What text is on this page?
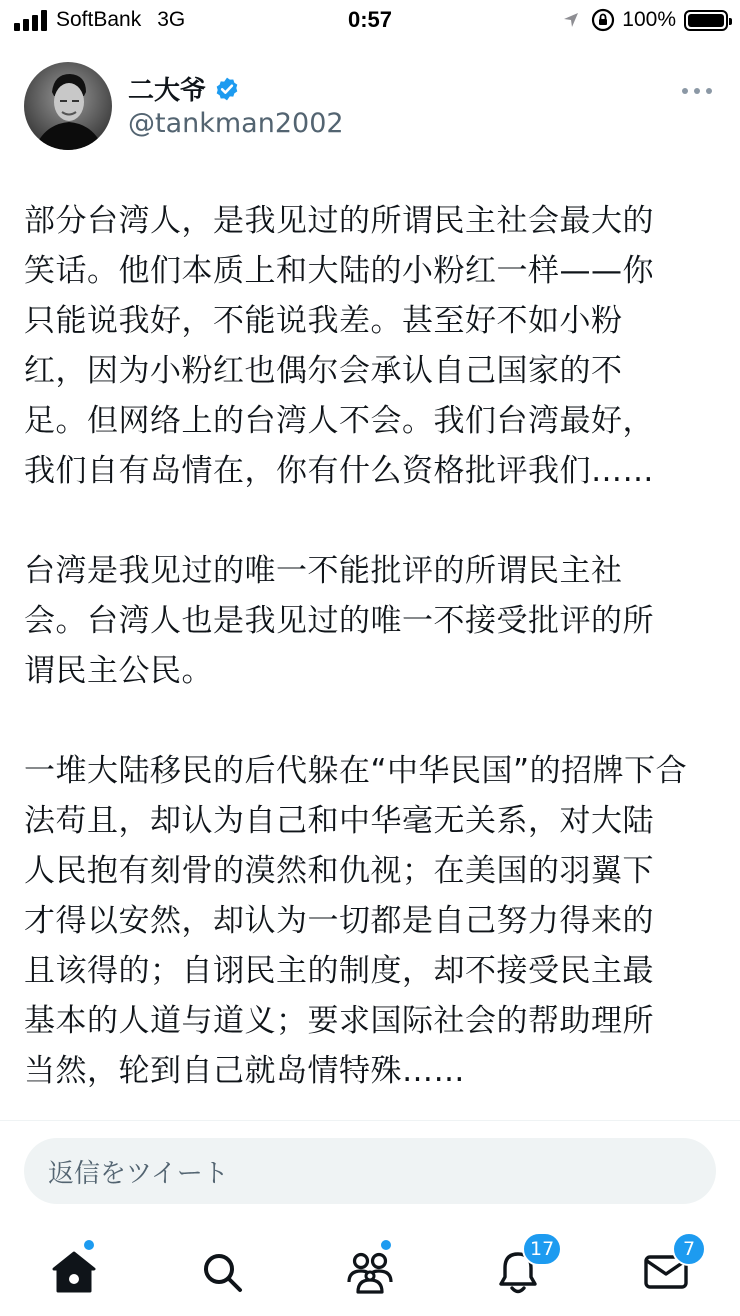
SoftBank 3G	0:57	100%
二大爷
@tankman2002

部分台湾人，是我见过的所谓民主社会最大的
笑话。他们本质上和大陆的小粉红一样——你
只能说我好，不能说我差。甚至好不如小粉
红，因为小粉红也偶尔会承认自己国家的不
足。但网络上的台湾人不会。我们台湾最好，
我们自有岛情在，你有什么资格批评我们……

台湾是我见过的唯一不能批评的所谓民主社
会。台湾人也是我见过的唯一不接受批评的所
谓民主公民。

一堆大陆移民的后代躲在“中华民国”的招牌下合
法苟且，却认为自己和中华毫无关系，对大陆
人民抱有刻骨的漠然和仇视；在美国的羽翼下
才得以安然，却认为一切都是自己努力得来的
且该得的；自诩民主的制度，却不接受民主最
基本的人道与道义；要求国际社会的帮助理所
当然，轮到自己就岛情特殊……

返信をツイート
17	7
